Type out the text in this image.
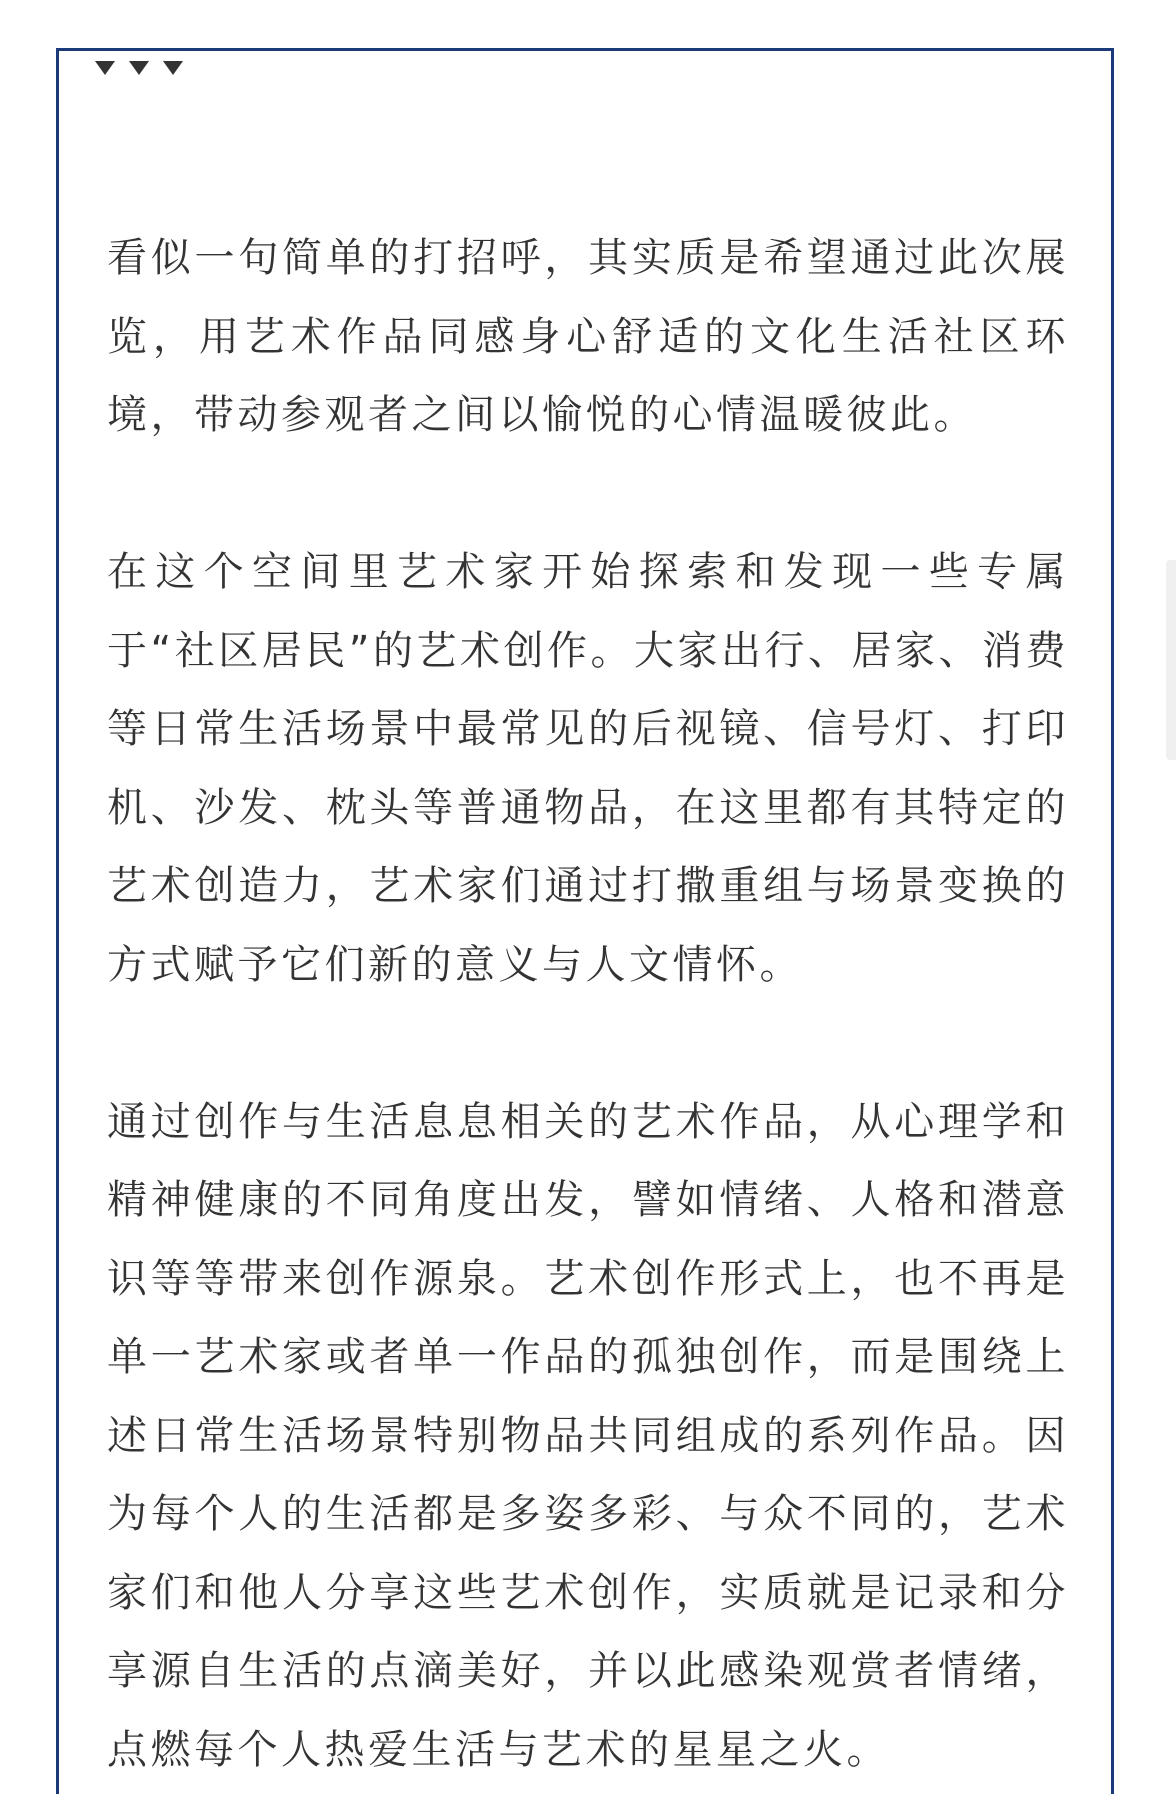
看似一句简单的打招呼，其实质是希望通过此次展览，用艺术作品同感身心舒适的文化生活社区环境，带动参观者之间以愉悦的心情温暖彼此。

在这个空间里艺术家开始探索和发现一些专属于“社区居民”的艺术创作。大家出行、居家、消费等日常生活场景中最常见的后视镜、信号灯、打印机、沙发、枕头等普通物品，在这里都有其特定的艺术创造力，艺术家们通过打撒重组与场景变换的方式赋予它们新的意义与人文情怀。

通过创作与生活息息相关的艺术作品，从心理学和精神健康的不同角度出发，譬如情绪、人格和潜意识等等带来创作源泉。艺术创作形式上，也不再是单一艺术家或者单一作品的孤独创作，而是围绕上述日常生活场景特别物品共同组成的系列作品。因为每个人的生活都是多姿多彩、与众不同的，艺术家们和他人分享这些艺术创作，实质就是记录和分享源自生活的点滴美好，并以此感染观赏者情绪，点燃每个人热爱生活与艺术的星星之火。
